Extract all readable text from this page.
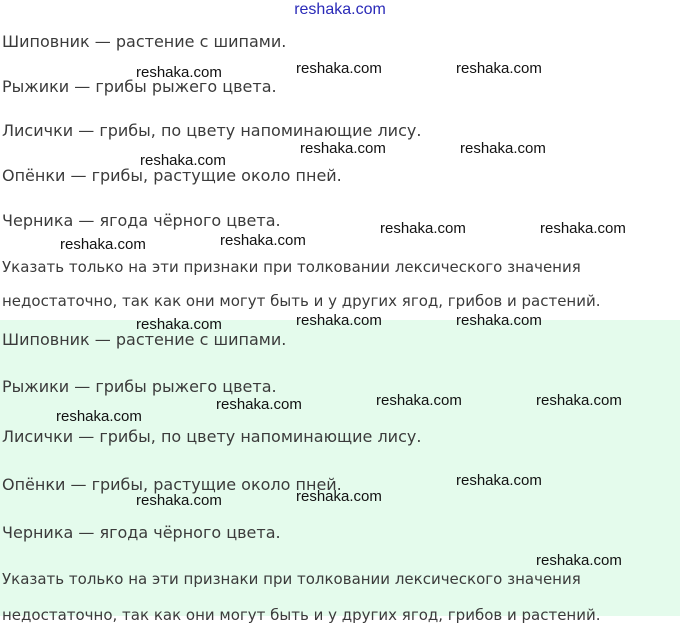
reshaka.com
Шиповник — растение с шипами.
Рыжики — грибы рыжего цвета.
Лисички — грибы, по цвету напоминающие лису.
Опёнки — грибы, растущие около пней.
Черника — ягода чёрного цвета.
Указать только на эти признаки при толковании лексического значения
недостаточно, так как они могут быть и у других ягод, грибов и растений.
reshaka.com	reshaka.com	reshaka.com
reshaka.com
reshaka.com	reshaka.com
reshaka.com	reshaka.com
reshaka.com	reshaka.com
Шиповник — растение с шипами.
Рыжики — грибы рыжего цвета.
Лисички — грибы, по цвету напоминающие лису.
Опёнки — грибы, растущие около пней.
Черника — ягода чёрного цвета.
Указать только на эти признаки при толковании лексического значения
недостаточно, так как они могут быть и у других ягод, грибов и растений.
reshaka.com	reshaka.com	reshaka.com
reshaka.com
reshaka.com	reshaka.com	reshaka.com
reshaka.com	reshaka.com
reshaka.com
reshaka.com
